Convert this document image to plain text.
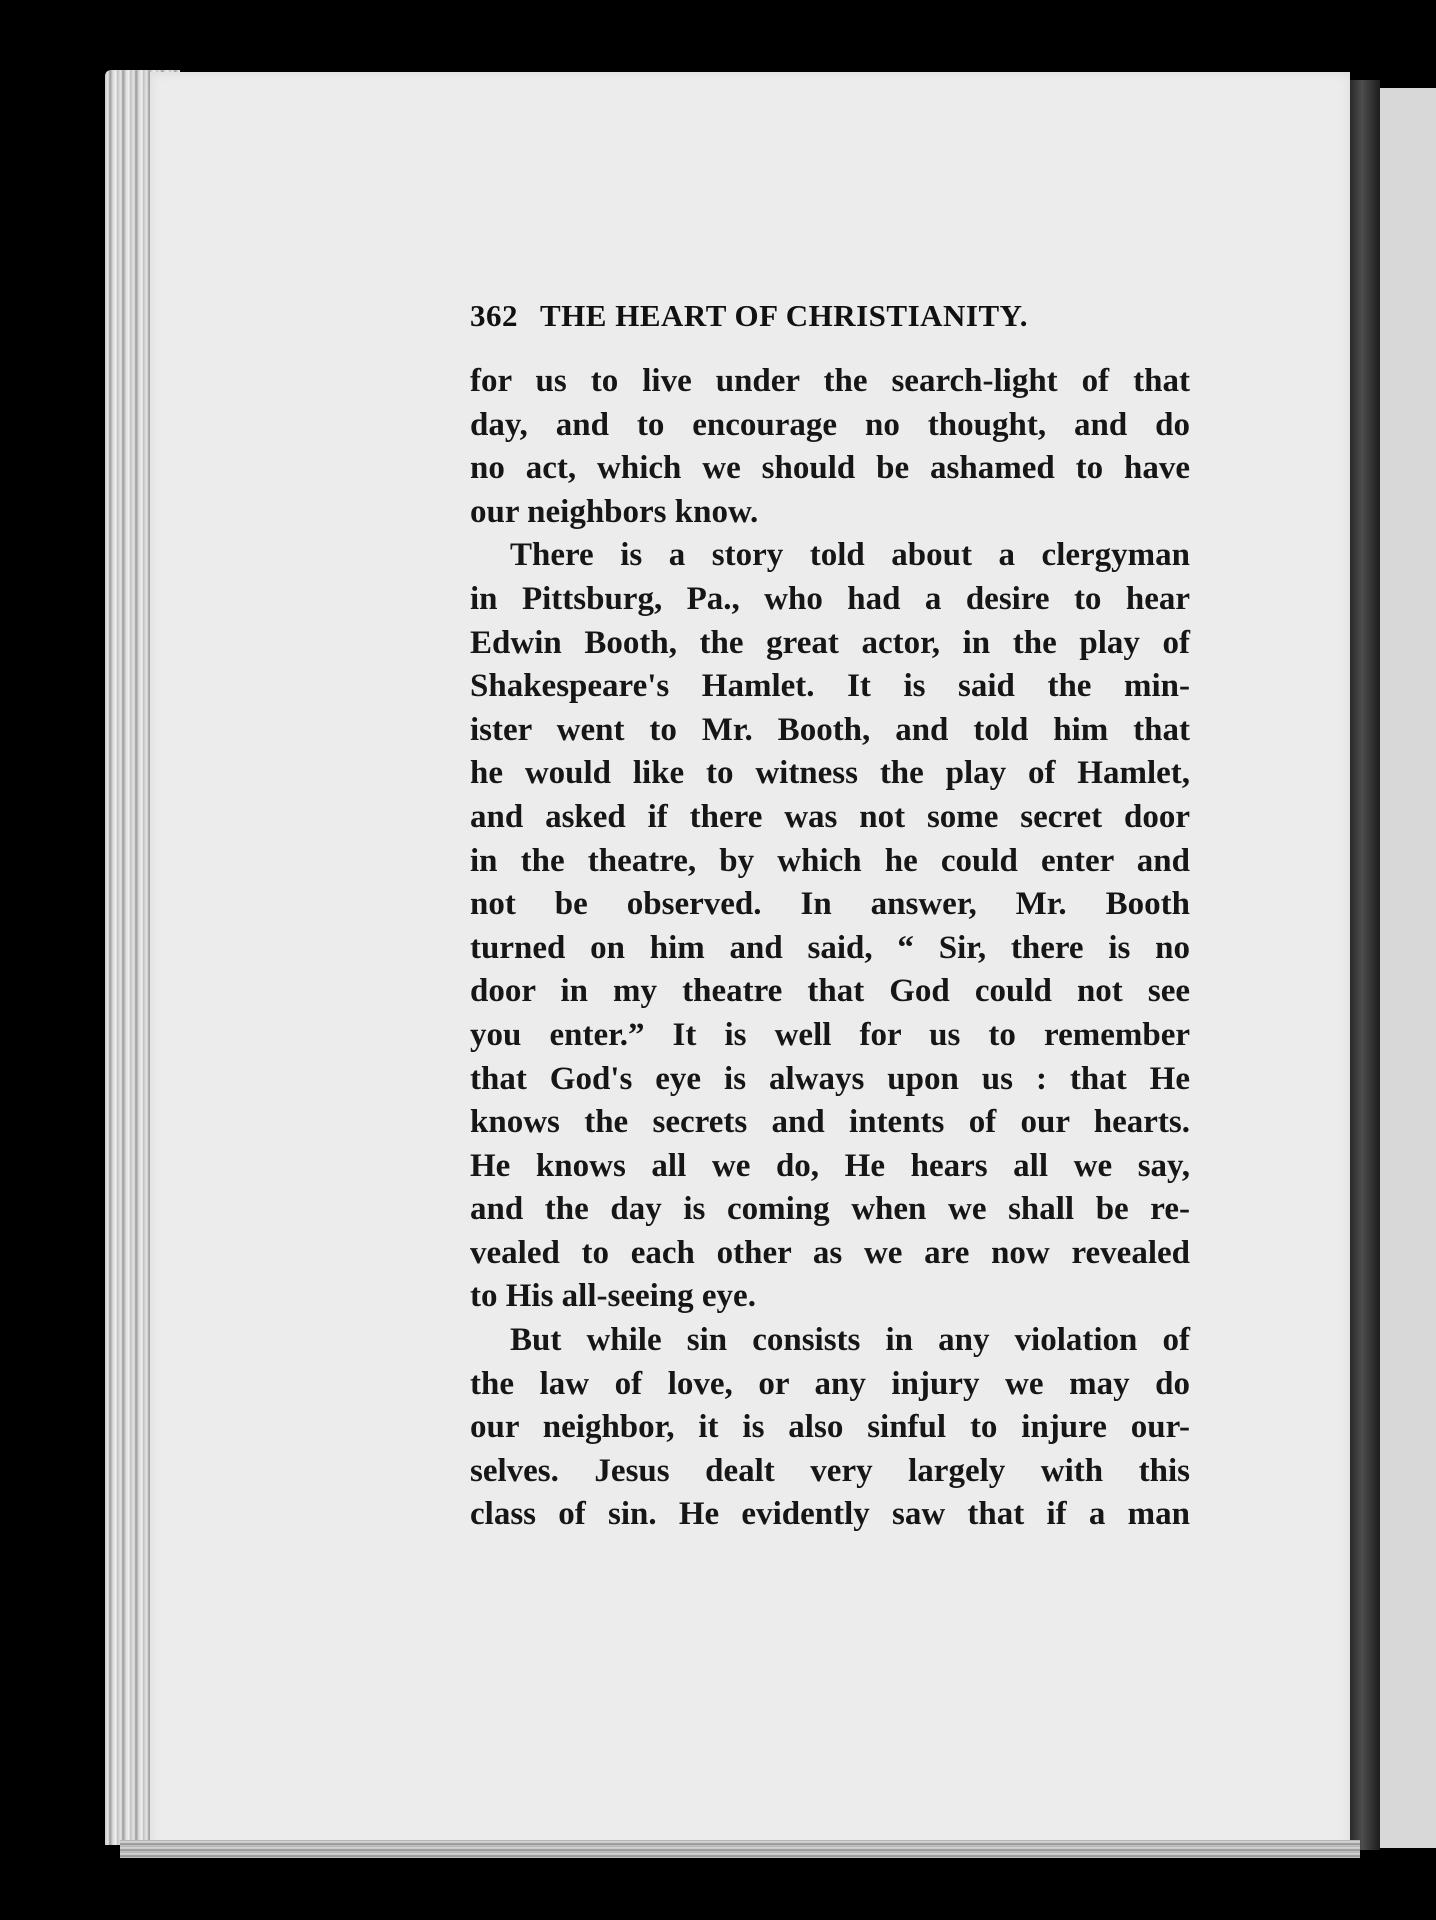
362 THE HEART OF CHRISTIANITY.
for us to live under the search-light of that
day, and to encourage no thought, and do
no act, which we should be ashamed to have
our neighbors know.
There is a story told about a clergyman
in Pittsburg, Pa., who had a desire to hear
Edwin Booth, the great actor, in the play of
Shakespeare's Hamlet. It is said the min-
ister went to Mr. Booth, and told him that
he would like to witness the play of Hamlet,
and asked if there was not some secret door
in the theatre, by which he could enter and
not be observed. In answer, Mr. Booth
turned on him and said, “ Sir, there is no
door in my theatre that God could not see
you enter.” It is well for us to remember
that God's eye is always upon us : that He
knows the secrets and intents of our hearts.
He knows all we do, He hears all we say,
and the day is coming when we shall be re-
vealed to each other as we are now revealed
to His all-seeing eye.
But while sin consists in any violation of
the law of love, or any injury we may do
our neighbor, it is also sinful to injure our-
selves. Jesus dealt very largely with this
class of sin. He evidently saw that if a man
